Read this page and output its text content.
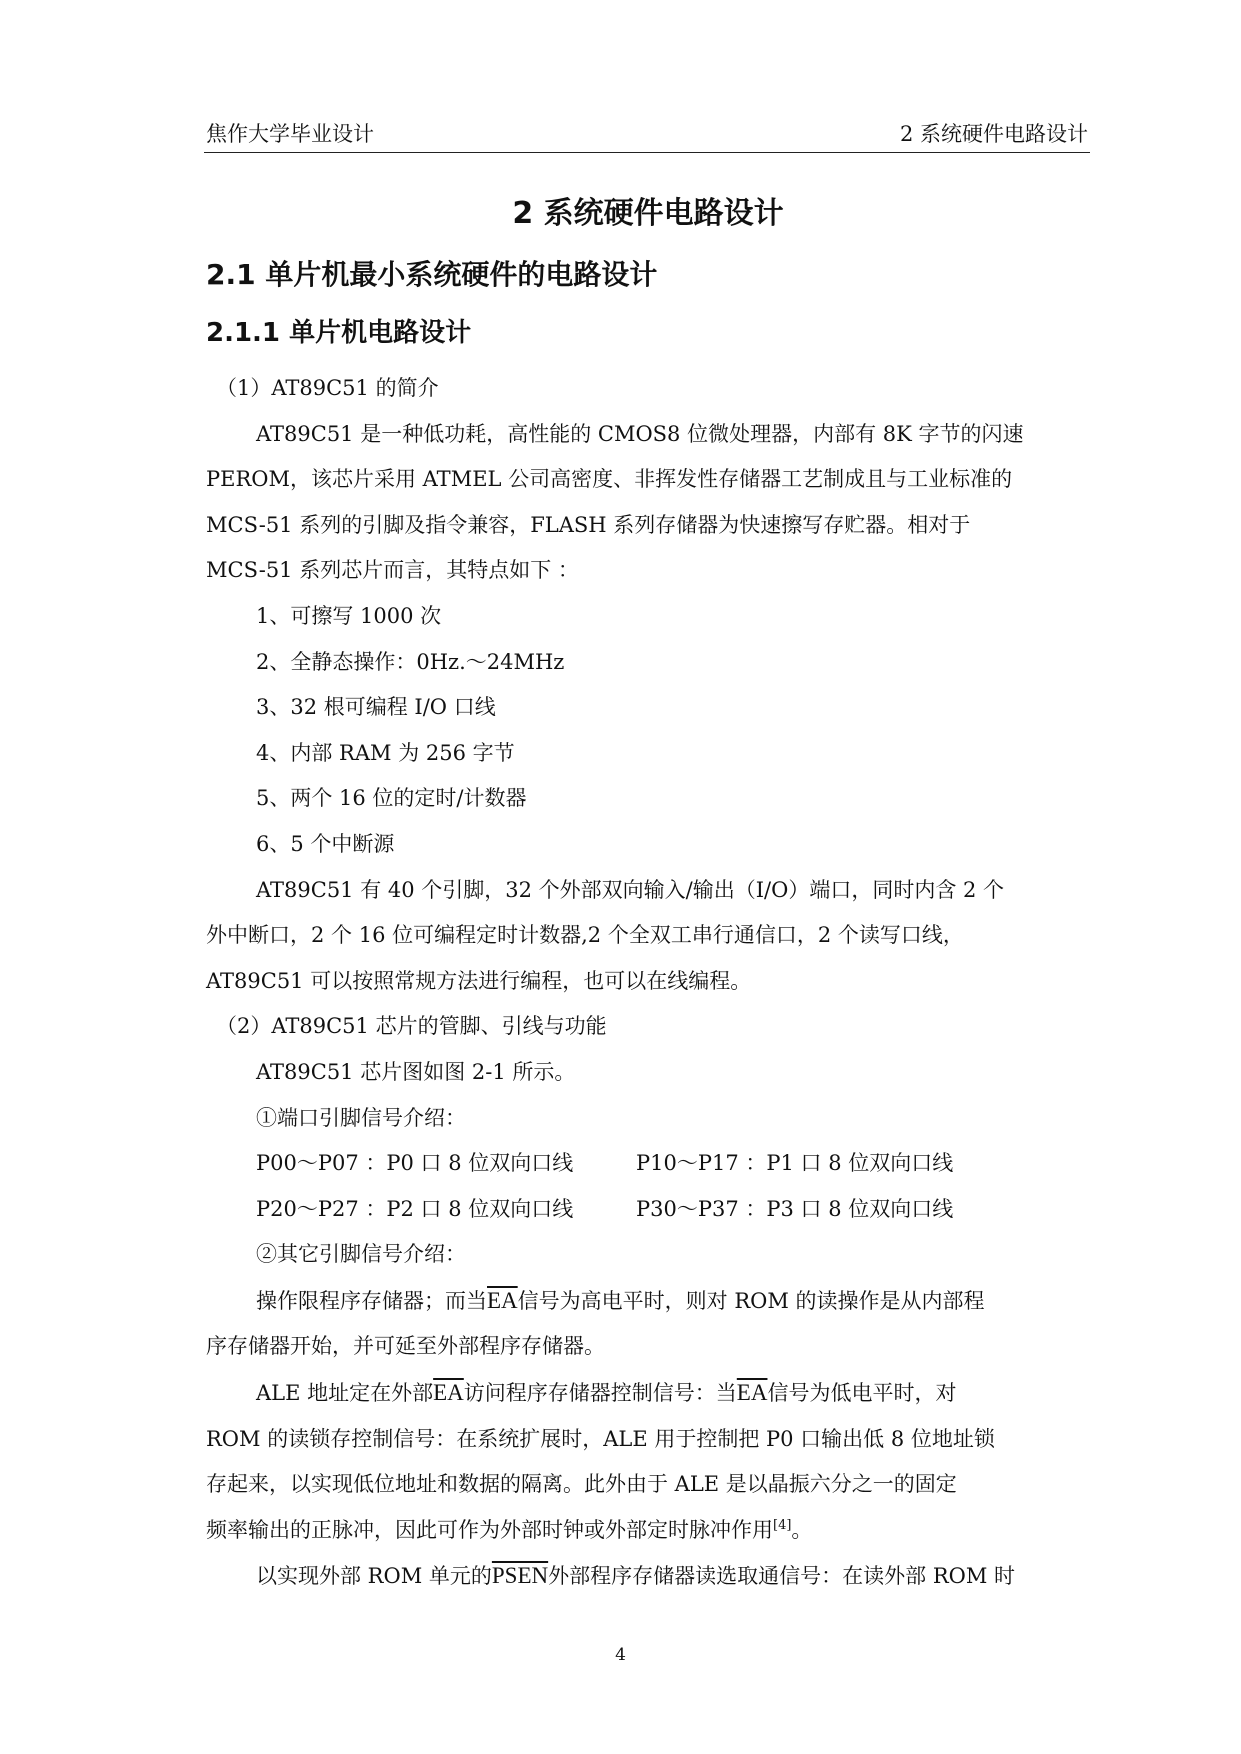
焦作大学毕业设计	2 系统硬件电路设计
2 系统硬件电路设计
2.1 单片机最小系统硬件的电路设计
2.1.1 单片机电路设计

（1）AT89C51 的简介

AT89C51 是一种低功耗，高性能的 CMOS8 位微处理器，内部有 8K 字节的闪速

PEROM，该芯片采用 ATMEL 公司高密度、非挥发性存储器工艺制成且与工业标准的

MCS-51 系列的引脚及指令兼容，FLASH 系列存储器为快速擦写存贮器。相对于

MCS-51 系列芯片而言，其特点如下 ：

1、可擦写 1000 次

2、全静态操作：0Hz.～24MHz

3、32 根可编程 I/O 口线

4、内部 RAM 为 256 字节

5、两个 16 位的定时/计数器

6、5 个中断源

AT89C51 有 40 个引脚，32 个外部双向输入/输出（I/O）端口，同时内含 2 个

外中断口，2 个 16 位可编程定时计数器,2 个全双工串行通信口，2 个读写口线，

AT89C51 可以按照常规方法进行编程，也可以在线编程。

（2）AT89C51 芯片的管脚、引线与功能

AT89C51 芯片图如图 2-1 所示。

①端口引脚信号介绍：

P00～P07 ：P0 口 8 位双向口线	P10～P17 ：P1 口 8 位双向口线
P20～P27 ：P2 口 8 位双向口线	P30～P37 ：P3 口 8 位双向口线

②其它引脚信号介绍：

操作限程序存储器；而当$\overline{EA}$信号为高电平时，则对 ROM 的读操作是从内部程

序存储器开始，并可延至外部程序存储器。

ALE 地址定在外部$\overline{EA}$访问程序存储器控制信号：当$\overline{EA}$信号为低电平时，对

ROM 的读锁存控制信号：在系统扩展时，ALE 用于控制把 P0 口输出低 8 位地址锁

存起来，以实现低位地址和数据的隔离。此外由于 ALE 是以晶振六分之一的固定

频率输出的正脉冲，因此可作为外部时钟或外部定时脉冲作用[4]。

以实现外部 ROM 单元的PSEN外部程序存储器读选取通信号：在读外部 ROM 时

4
